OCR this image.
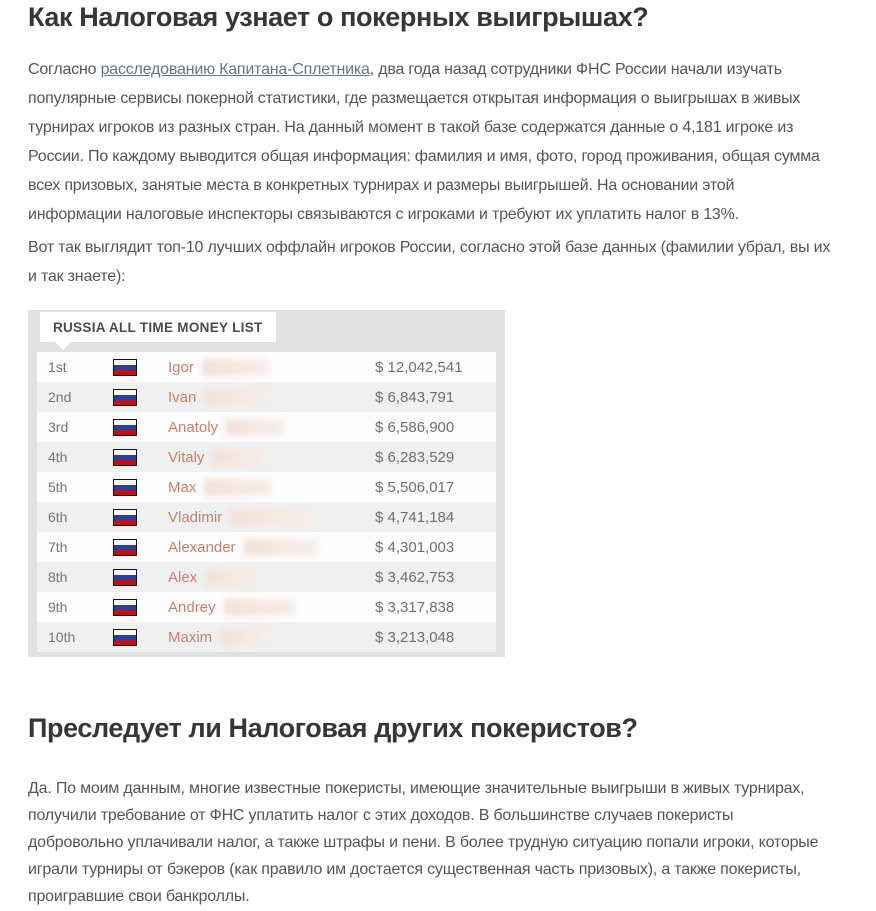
Как Налоговая узнает о покерных выигрышах?
Согласно расследованию Капитана-Сплетника, два года назад сотрудники ФНС России начали изучать
популярные сервисы покерной статистики, где размещается открытая информация о выигрышах в живых
турнирах игроков из разных стран. На данный момент в такой базе содержатся данные о 4,181 игроке из
России. По каждому выводится общая информация: фамилия и имя, фото, город проживания, общая сумма
всех призовых, занятые места в конкретных турнирах и размеры выигрышей. На основании этой
информации налоговые инспекторы связываются с игроками и требуют их уплатить налог в 13%.
Вот так выглядит топ-10 лучших оффлайн игроков России, согласно этой базе данных (фамилии убрал, вы их
и так знаете):
RUSSIA ALL TIME MONEY LIST
1st	Igor	$ 12,042,541
2nd	Ivan	$ 6,843,791
3rd	Anatoly	$ 6,586,900
4th	Vitaly	$ 6,283,529
5th	Max	$ 5,506,017
6th	Vladimir	$ 4,741,184
7th	Alexander	$ 4,301,003
8th	Alex	$ 3,462,753
9th	Andrey	$ 3,317,838
10th	Maxim	$ 3,213,048
Преследует ли Налоговая других покеристов?
Да. По моим данным, многие известные покеристы, имеющие значительные выигрыши в живых турнирах,
получили требование от ФНС уплатить налог с этих доходов. В большинстве случаев покеристы
добровольно уплачивали налог, а также штрафы и пени. В более трудную ситуацию попали игроки, которые
играли турниры от бэкеров (как правило им достается существенная часть призовых), а также покеристы,
проигравшие свои банкроллы.
